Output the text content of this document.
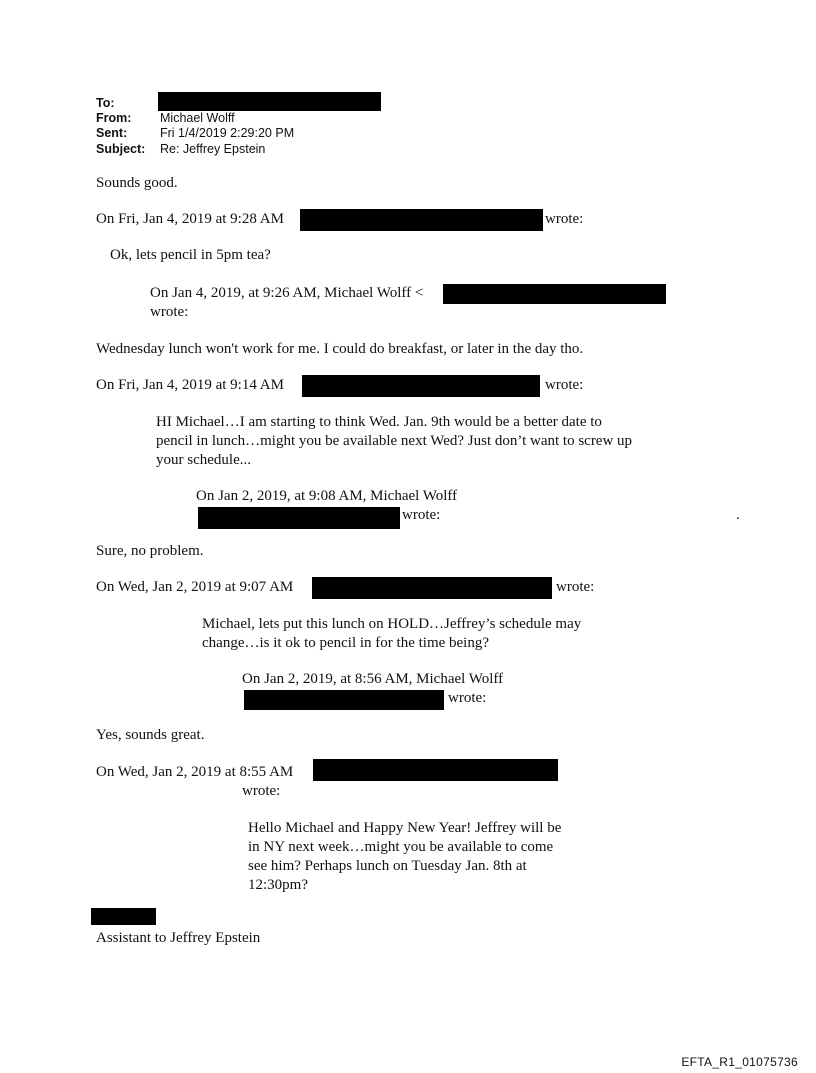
To:
From: Michael Wolff
Sent:	Fri 1/4/2019 2:29:20 PM
Subject: Re: Jeffrey Epstein
Sounds good.
On Fri, Jan 4, 2019 at 9:28 AM	wrote:
Ok, lets pencil in 5pm tea?
On Jan 4, 2019, at 9:26 AM, Michael Wolff <
wrote:
Wednesday lunch won't work for me. I could do breakfast, or later in the day tho.
On Fri, Jan 4, 2019 at 9:14 AM	wrote:
HI Michael…I am starting to think Wed. Jan. 9th would be a better date to
pencil in lunch…might you be available next Wed? Just don’t want to screw up
your schedule...
On Jan 2, 2019, at 9:08 AM, Michael Wolff
wrote:	.
Sure, no problem.
On Wed, Jan 2, 2019 at 9:07 AM	wrote:
Michael, lets put this lunch on HOLD…Jeffrey’s schedule may
change…is it ok to pencil in for the time being?
On Jan 2, 2019, at 8:56 AM, Michael Wolff
wrote:
Yes, sounds great.
On Wed, Jan 2, 2019 at 8:55 AM
wrote:
Hello Michael and Happy New Year! Jeffrey will be
in NY next week…might you be available to come
see him? Perhaps lunch on Tuesday Jan. 8th at
12:30pm?
Assistant to Jeffrey Epstein
EFTA_R1_01075736
